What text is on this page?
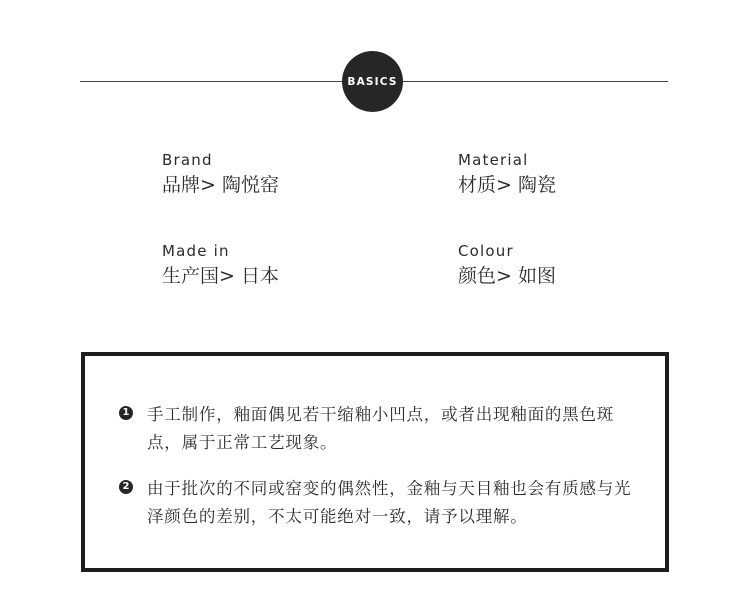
BASICS
Brand
品牌> 陶悦窑
Material
材质> 陶瓷
Made in
生产国> 日本
Colour
颜色> 如图
1 手工制作，釉面偶见若干缩釉小凹点，或者出现釉面的黑色斑点，属于正常工艺现象。
2 由于批次的不同或窑变的偶然性，金釉与天目釉也会有质感与光泽颜色的差别，不太可能绝对一致，请予以理解。
